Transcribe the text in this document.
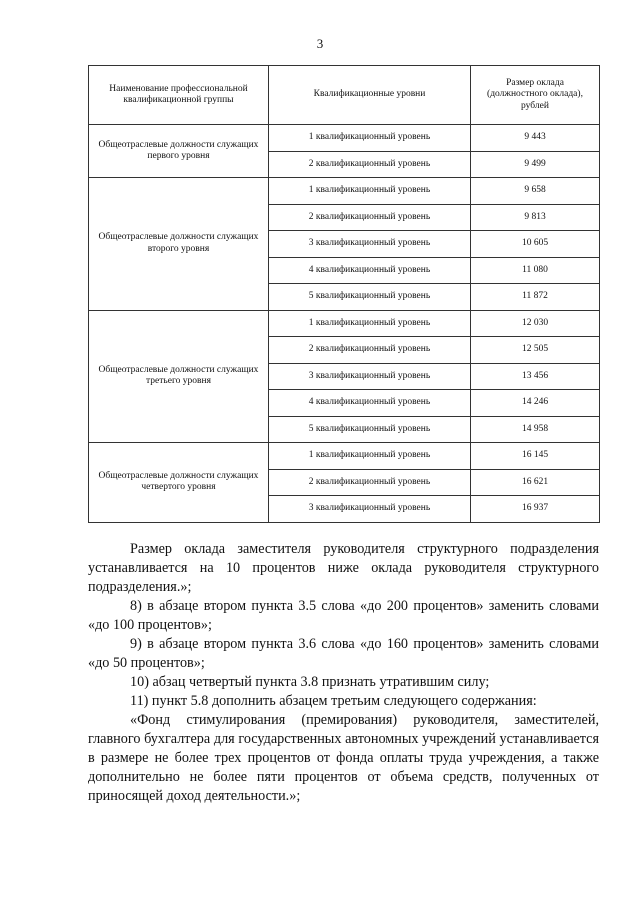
3
Наименование профессиональной квалификационной группы	Квалификационные уровни	Размер оклада (должностного оклада), рублей
Общеотраслевые должности служащих первого уровня	1 квалификационный уровень	9 443
	2 квалификационный уровень	9 499
Общеотраслевые должности служащих второго уровня	1 квалификационный уровень	9 658
	2 квалификационный уровень	9 813
	3 квалификационный уровень	10 605
	4 квалификационный уровень	11 080
	5 квалификационный уровень	11 872
Общеотраслевые должности служащих третьего уровня	1 квалификационный уровень	12 030
	2 квалификационный уровень	12 505
	3 квалификационный уровень	13 456
	4 квалификационный уровень	14 246
	5 квалификационный уровень	14 958
Общеотраслевые должности служащих четвертого уровня	1 квалификационный уровень	16 145
	2 квалификационный уровень	16 621
	3 квалификационный уровень	16 937

Размер оклада заместителя руководителя структурного подразделения устанавливается на 10 процентов ниже оклада руководителя структурного подразделения.»;

8) в абзаце втором пункта 3.5 слова «до 200 процентов» заменить словами «до 100 процентов»;

9) в абзаце втором пункта 3.6 слова «до 160 процентов» заменить словами «до 50 процентов»;

10) абзац четвертый пункта 3.8 признать утратившим силу;

11) пункт 5.8 дополнить абзацем третьим следующего содержания:

«Фонд стимулирования (премирования) руководителя, заместителей, главного бухгалтера для государственных автономных учреждений устанавливается в размере не более трех процентов от фонда оплаты труда учреждения, а также дополнительно не более пяти процентов от объема средств, полученных от приносящей доход деятельности.»;
